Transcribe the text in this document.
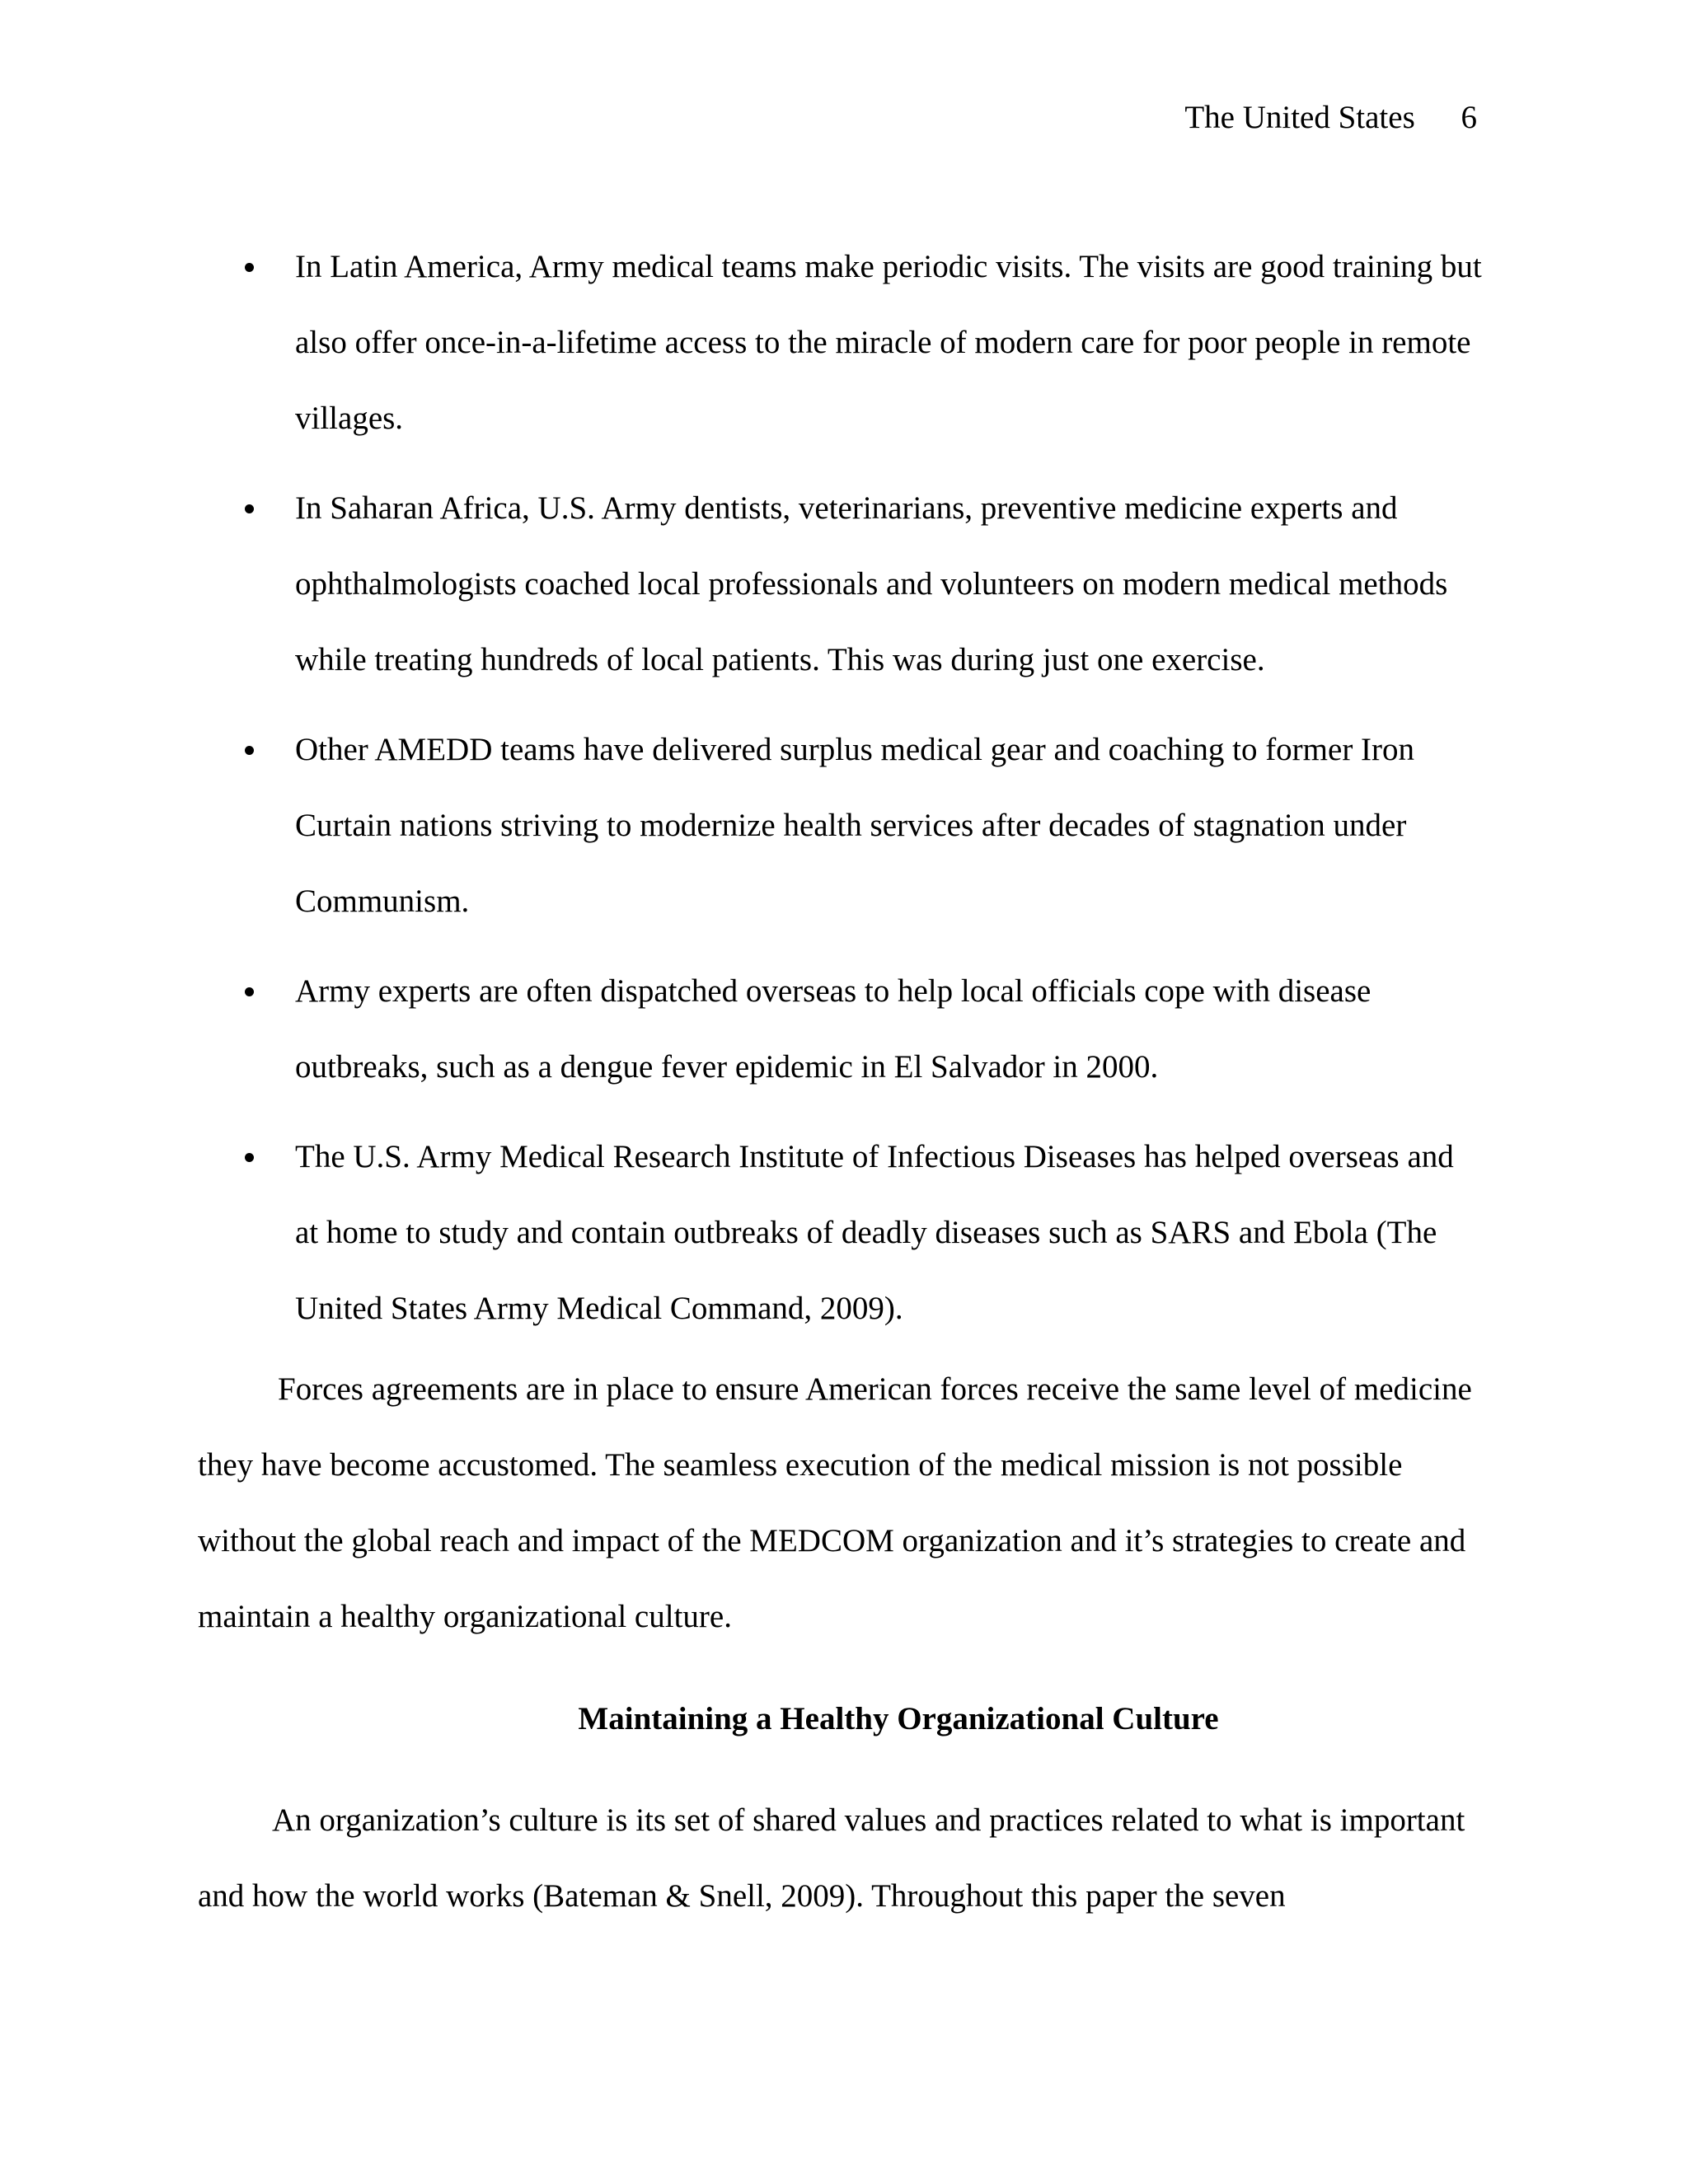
The United States 6
In Latin America, Army medical teams make periodic visits. The visits are good training but also offer once-in-a-lifetime access to the miracle of modern care for poor people in remote villages.
In Saharan Africa, U.S. Army dentists, veterinarians, preventive medicine experts and ophthalmologists coached local professionals and volunteers on modern medical methods while treating hundreds of local patients. This was during just one exercise.
Other AMEDD teams have delivered surplus medical gear and coaching to former Iron Curtain nations striving to modernize health services after decades of stagnation under Communism.
Army experts are often dispatched overseas to help local officials cope with disease outbreaks, such as a dengue fever epidemic in El Salvador in 2000.
The U.S. Army Medical Research Institute of Infectious Diseases has helped overseas and at home to study and contain outbreaks of deadly diseases such as SARS and Ebola (The United States Army Medical Command, 2009).

Forces agreements are in place to ensure American forces receive the same level of medicine they have become accustomed. The seamless execution of the medical mission is not possible without the global reach and impact of the MEDCOM organization and it’s strategies to create and maintain a healthy organizational culture.

Maintaining a Healthy Organizational Culture

An organization’s culture is its set of shared values and practices related to what is important and how the world works (Bateman & Snell, 2009). Throughout this paper the seven
